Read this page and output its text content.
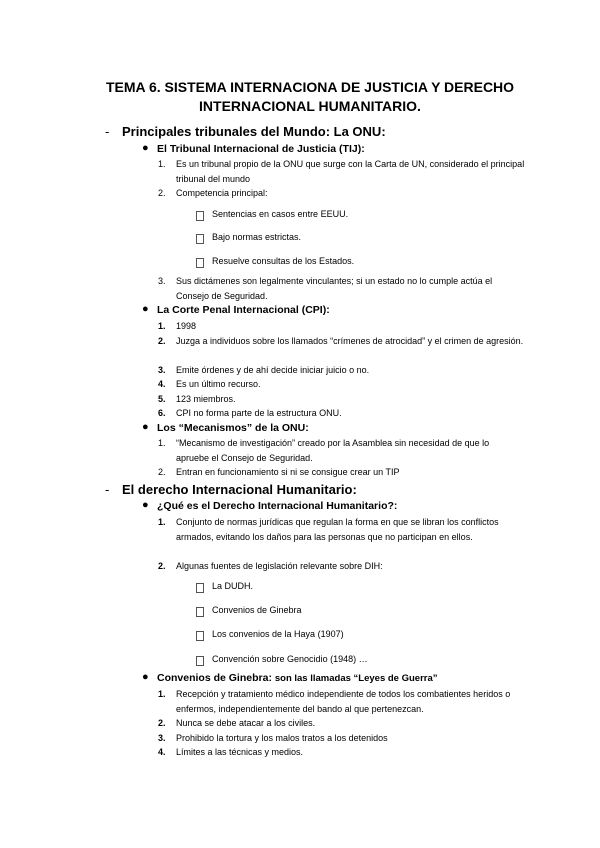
TEMA 6. SISTEMA INTERNACIONA DE JUSTICIA Y DERECHO
INTERNACIONAL HUMANITARIO.
- Principales tribunales del Mundo: La ONU:
● El Tribunal Internacional de Justicia (TIJ):
1. Es un tribunal propio de la ONU que surge con la Carta de UN, considerado el principal tribunal del mundo
2. Competencia principal:
Sentencias en casos entre EEUU.
Bajo normas estrictas.
Resuelve consultas de los Estados.
3. Sus dictámenes son legalmente vinculantes; si un estado no lo cumple actúa el Consejo de Seguridad.
● La Corte Penal Internacional (CPI):
1. 1998
2. Juzga a individuos sobre los llamados “crímenes de atrocidad” y el crimen de agresión.
3. Emite órdenes y de ahí decide iniciar juicio o no.
4. Es un último recurso.
5. 123 miembros.
6. CPI no forma parte de la estructura ONU.
● Los “Mecanismos” de la ONU:
1. “Mecanismo de investigación” creado por la Asamblea sin necesidad de que lo apruebe el Consejo de Seguridad.
2. Entran en funcionamiento si ni se consigue crear un TIP
- El derecho Internacional Humanitario:
● ¿Qué es el Derecho Internacional Humanitario?:
1. Conjunto de normas jurídicas que regulan la forma en que se libran los conflictos armados, evitando los daños para las personas que no participan en ellos.
2. Algunas fuentes de legislación relevante sobre DIH:
La DUDH.
Convenios de Ginebra
Los convenios de la Haya (1907)
Convención sobre Genocidio (1948) …
● Convenios de Ginebra: son las llamadas “Leyes de Guerra”
1. Recepción y tratamiento médico independiente de todos los combatientes heridos o enfermos, independientemente del bando al que pertenezcan.
2. Nunca se debe atacar a los civiles.
3. Prohibido la tortura y los malos tratos a los detenidos
4. Límites a las técnicas y medios.
